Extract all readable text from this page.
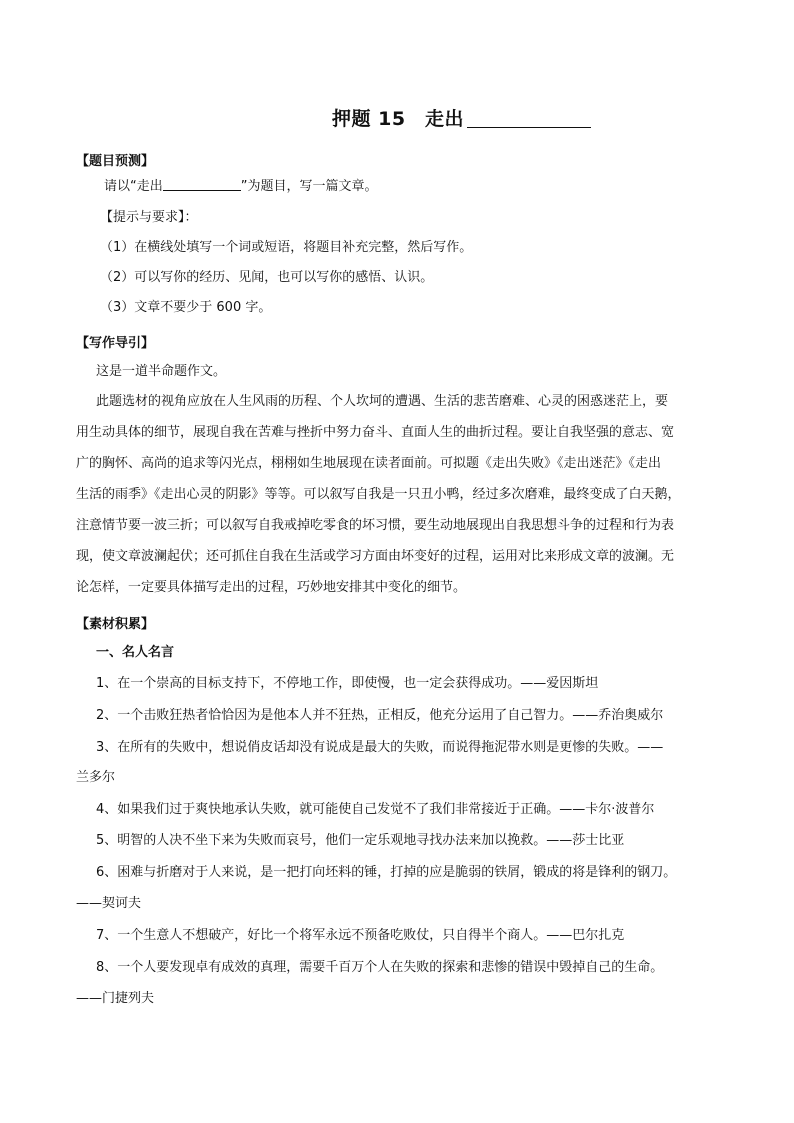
押题 15　走出
【题目预测】
请以“走出	”为题目，写一篇文章。
【提示与要求】：
（1）在横线处填写一个词或短语，将题目补充完整，然后写作。
（2）可以写你的经历、见闻，也可以写你的感悟、认识。
（3）文章不要少于 600 字。
【写作导引】
这是一道半命题作文。
此题选材的视角应放在人生风雨的历程、个人坎坷的遭遇、生活的悲苦磨难、心灵的困惑迷茫上，要
用生动具体的细节，展现自我在苦难与挫折中努力奋斗、直面人生的曲折过程。要让自我坚强的意志、宽
广的胸怀、高尚的追求等闪光点，栩栩如生地展现在读者面前。可拟题《走出失败》《走出迷茫》《走出
生活的雨季》《走出心灵的阴影》等等。可以叙写自我是一只丑小鸭，经过多次磨难，最终变成了白天鹅，
注意情节要一波三折；可以叙写自我戒掉吃零食的坏习惯，要生动地展现出自我思想斗争的过程和行为表
现，使文章波澜起伏；还可抓住自我在生活或学习方面由坏变好的过程，运用对比来形成文章的波澜。无
论怎样，一定要具体描写走出的过程，巧妙地安排其中变化的细节。
【素材积累】
一、名人名言
1、在一个崇高的目标支持下，不停地工作，即使慢，也一定会获得成功。——爱因斯坦
2、一个击败狂热者恰恰因为是他本人并不狂热，正相反，他充分运用了自己智力。——乔治奥威尔
3、在所有的失败中，想说俏皮话却没有说成是最大的失败，而说得拖泥带水则是更惨的失败。——
兰多尔
4、如果我们过于爽快地承认失败，就可能使自己发觉不了我们非常接近于正确。——卡尔·波普尔
5、明智的人决不坐下来为失败而哀号，他们一定乐观地寻找办法来加以挽救。——莎士比亚
6、困难与折磨对于人来说，是一把打向坯料的锤，打掉的应是脆弱的铁屑，锻成的将是锋利的钢刀。
——契诃夫
7、一个生意人不想破产，好比一个将军永远不预备吃败仗，只自得半个商人。——巴尔扎克
8、一个人要发现卓有成效的真理，需要千百万个人在失败的探索和悲惨的错误中毁掉自己的生命。
——门捷列夫
